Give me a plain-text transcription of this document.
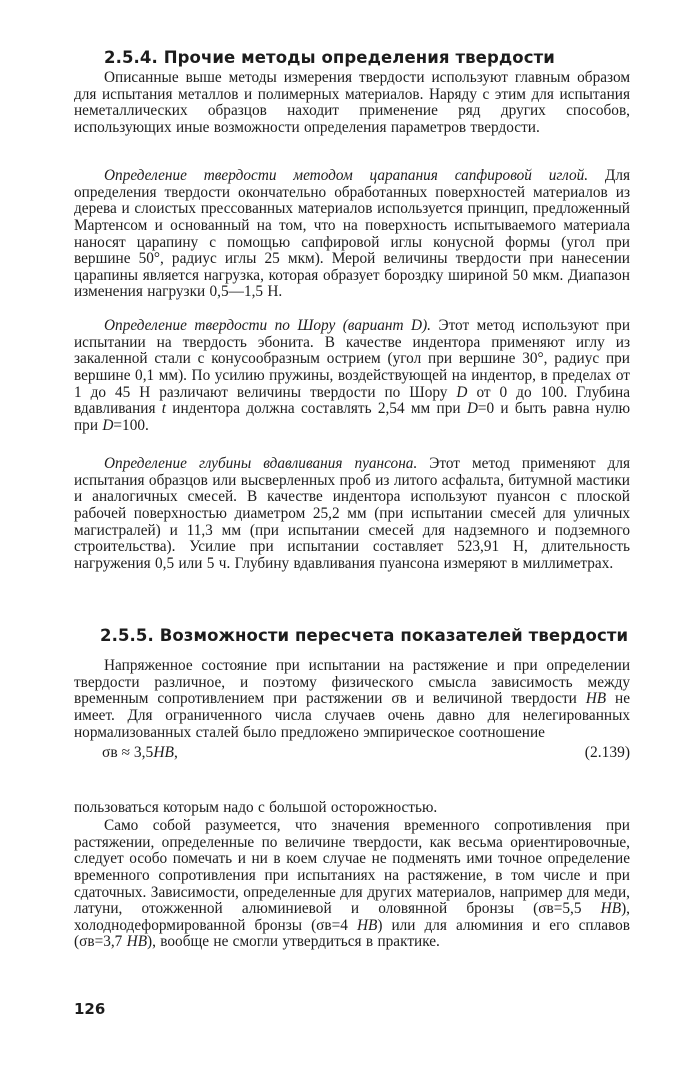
2.5.4. Прочие методы определения твердости

Описанные выше методы измерения твердости используют главным образом для испытания металлов и полимерных материалов. Наряду с этим для испытания неметаллических образцов находит применение ряд других способов, использующих иные возможности определения параметров твердости.

Определение твердости методом царапания сапфировой иглой. Для определения твердости окончательно обработанных поверхностей материалов из дерева и слоистых прессованных материалов используется принцип, предложенный Мартенсом и основанный на том, что на поверхность испытываемого материала наносят царапину с помощью сапфировой иглы конусной формы (угол при вершине 50°, радиус иглы 25 мкм). Мерой величины твердости при нанесении царапины является нагрузка, которая образует бороздку шириной 50 мкм. Диапазон изменения нагрузки 0,5—1,5 Н.

Определение твердости по Шору (вариант D). Этот метод используют при испытании на твердость эбонита. В качестве индентора применяют иглу из закаленной стали с конусообразным острием (угол при вершине 30°, радиус при вершине 0,1 мм). По усилию пружины, воздействующей на индентор, в пределах от 1 до 45 Н различают величины твердости по Шору D от 0 до 100. Глубина вдавливания t индентора должна составлять 2,54 мм при D=0 и быть равна нулю при D=100.

Определение глубины вдавливания пуансона. Этот метод применяют для испытания образцов или высверленных проб из литого асфальта, битумной мастики и аналогичных смесей. В качестве индентора используют пуансон с плоской рабочей поверхностью диаметром 25,2 мм (при испытании смесей для уличных магистралей) и 11,3 мм (при испытании смесей для надземного и подземного строительства). Усилие при испытании составляет 523,91 Н, длительность нагружения 0,5 или 5 ч. Глубину вдавливания пуансона измеряют в миллиметрах.

2.5.5. Возможности пересчета показателей твердости

Напряженное состояние при испытании на растяжение и при определении твердости различное, и поэтому физического смысла зависимость между временным сопротивлением при растяжении σв и величиной твердости HB не имеет. Для ограниченного числа случаев очень давно для нелегированных нормализованных сталей было предложено эмпирическое соотношение

σв ≈ 3,5HB,	(2.139)

пользоваться которым надо с большой осторожностью.

Само собой разумеется, что значения временного сопротивления при растяжении, определенные по величине твердости, как весьма ориентировочные, следует особо помечать и ни в коем случае не подменять ими точное определение временного сопротивления при испытаниях на растяжение, в том числе и при сдаточных. Зависимости, определенные для других материалов, например для меди, латуни, отожженной алюминиевой и оловянной бронзы (σв=5,5 HB), холоднодеформированной бронзы (σв=4 HB) или для алюминия и его сплавов (σв=3,7 HB), вообще не смогли утвердиться в практике.

126
